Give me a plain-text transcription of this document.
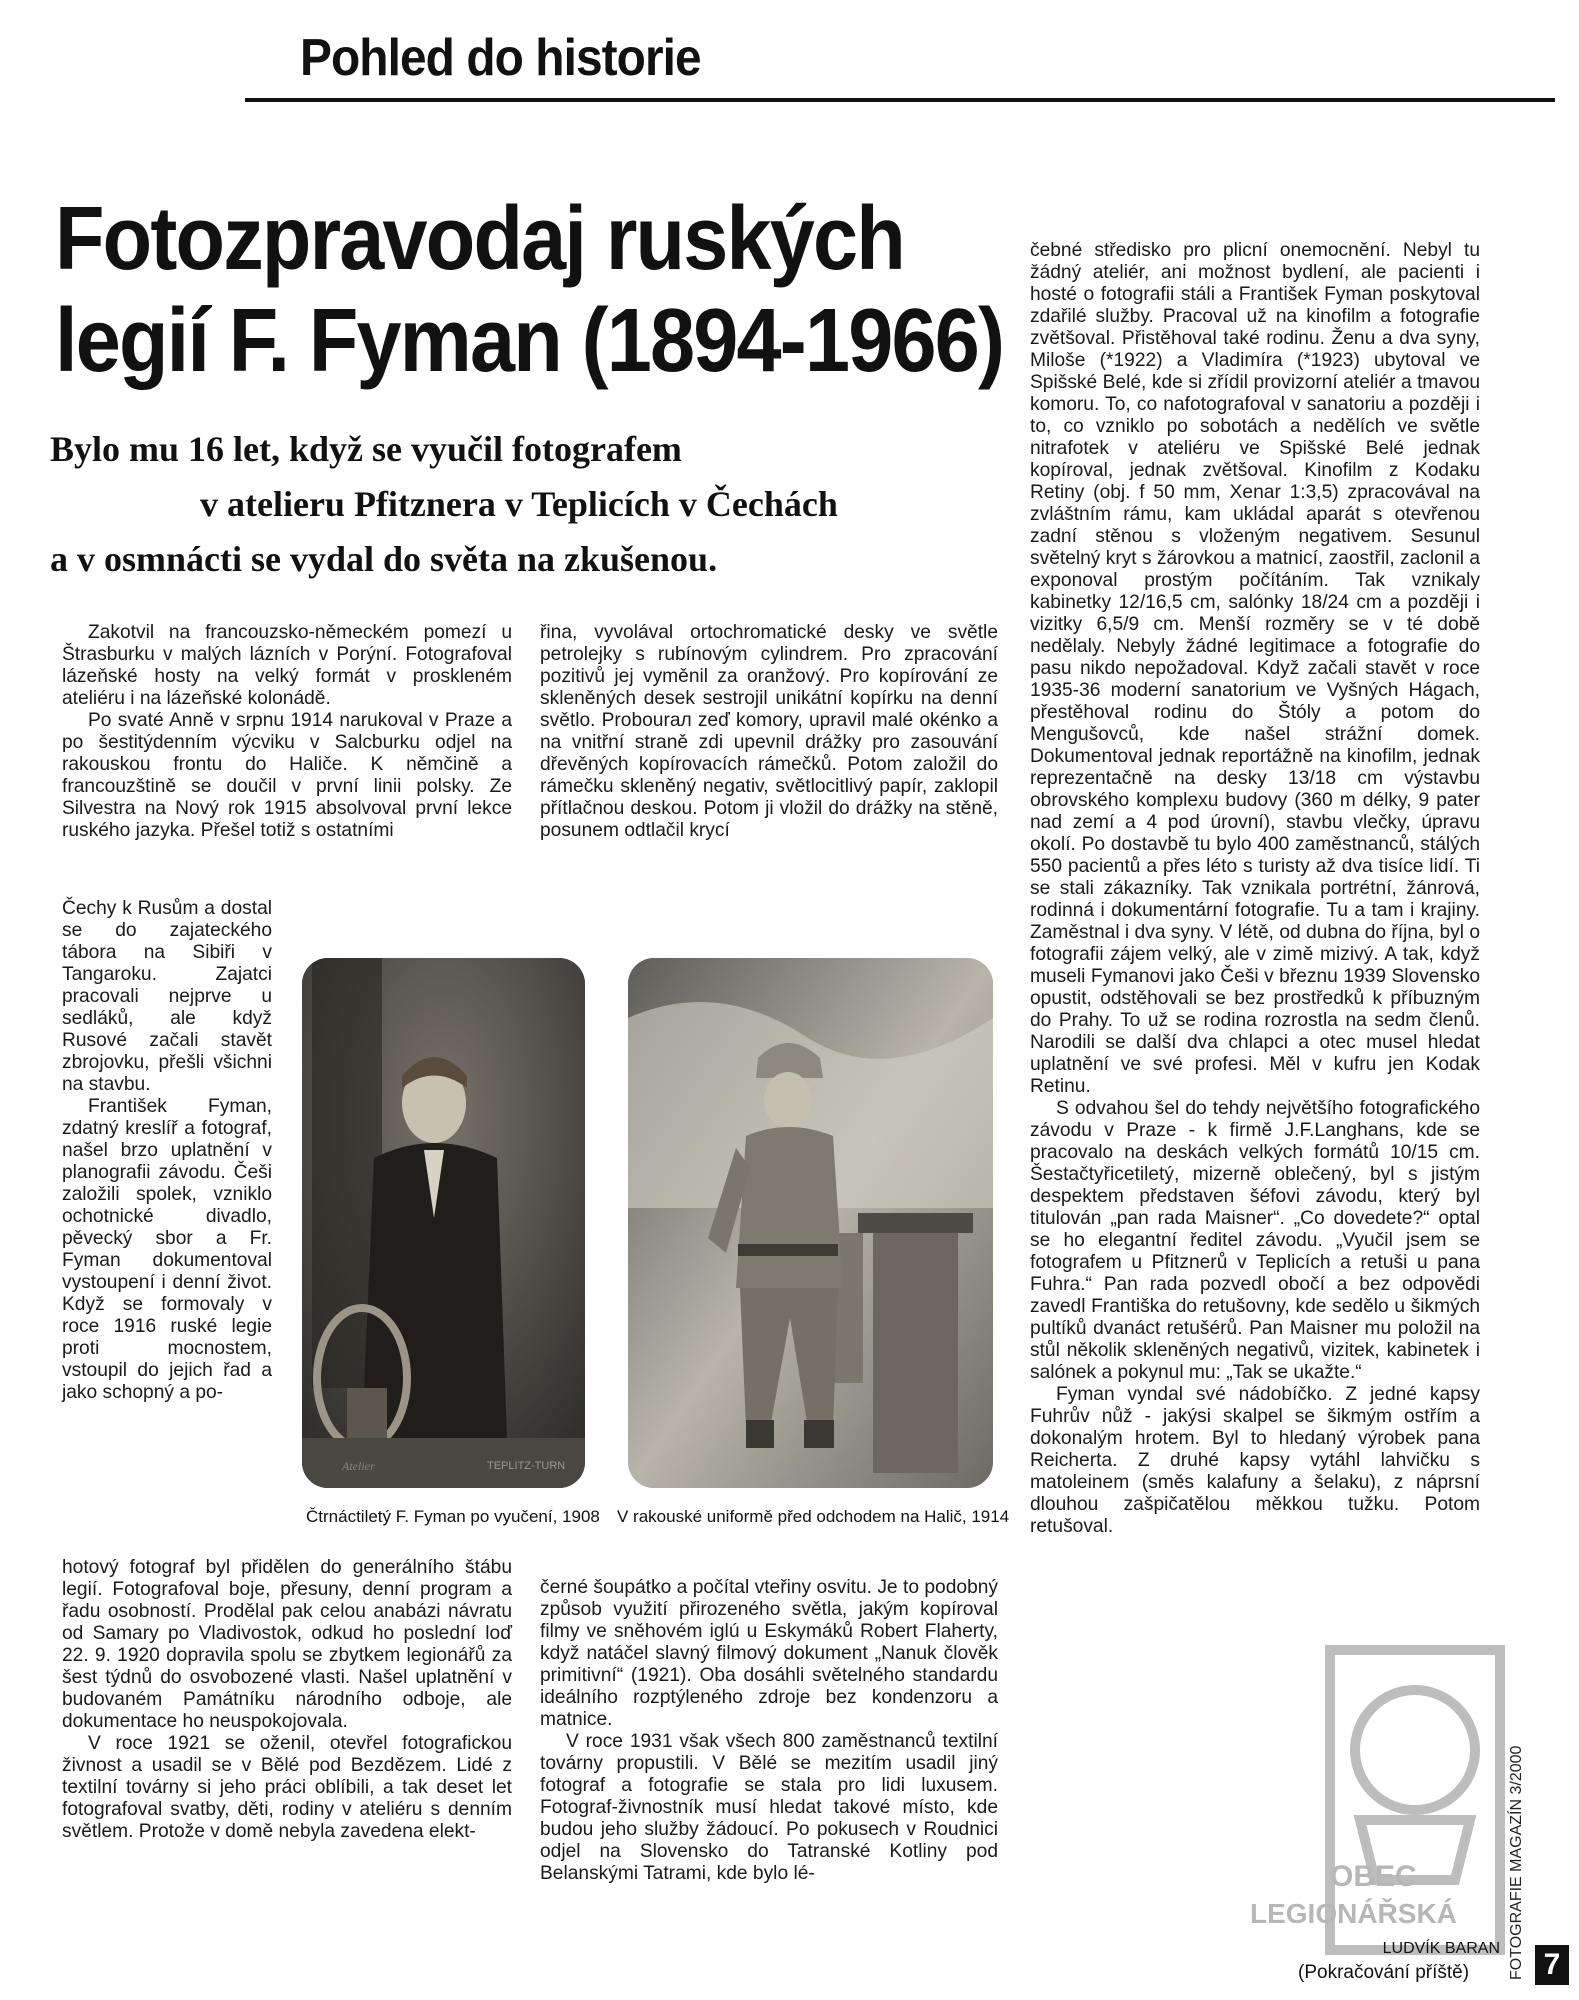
Pohled do historie
Fotozpravodaj ruských
legií F. Fyman (1894-1966)
Bylo mu 16 let, když se vyučil fotografem
v atelieru Pfitznera v Teplicích v Čechách
a v osmnácti se vydal do světa na zkušenou.

Zakotvil na francouzsko-německém pomezí u Štrasburku v malých lázních v Porýní. Fotografoval lázeňské hosty na velký formát v proskleném ateliéru i na lázeňské kolonádě.

Po svaté Anně v srpnu 1914 narukoval v Praze a po šestitýdenním výcviku v Salcburku odjel na rakouskou frontu do Haliče. K němčině a francouzštině se doučil v první linii polsky. Ze Silvestra na Nový rok 1915 absolvoval první lekce ruského jazyka. Přešel totiž s ostatními

Čechy k Rusům a dostal se do zajateckého tábora na Sibiři v Tangaroku. Zajatci pracovali nejprve u sedláků, ale když Rusové začali stavět zbrojovku, přešli všichni na stavbu.

František Fyman, zdatný kreslíř a fotograf, našel brzo uplatnění v planografii závodu. Češi založili spolek, vzniklo ochotnické divadlo, pěvecký sbor a Fr. Fyman dokumentoval vystoupení i denní život. Když se formovaly v roce 1916 ruské legie proti mocnostem, vstoupil do jejich řad a jako schopný a po-

hotový fotograf byl přidělen do generálního štábu legií. Fotografoval boje, přesuny, denní program a řadu osobností. Prodělal pak celou anabázi návratu od Samary po Vladivostok, odkud ho poslední loď 22. 9. 1920 dopravila spolu se zbytkem legionářů za šest týdnů do osvobozené vlasti. Našel uplatnění v budovaném Památníku národního odboje, ale dokumentace ho neuspokojovala.

V roce 1921 se oženil, otevřel fotografickou živnost a usadil se v Bělé pod Bezdězem. Lidé z textilní továrny si jeho práci oblíbili, a tak deset let fotografoval svatby, děti, rodiny v ateliéru s denním světlem. Protože v domě nebyla zavedena elekt-

řina, vyvolával ortochromatické desky ve světle petrolejky s rubínovým cylindrem. Pro zpracování pozitivů jej vyměnil za oranžový. Pro kopírování ze skleněných desek sestrojil unikátní kopírku na denní světlo. Probourал zeď komory, upravil malé okénko a na vnitřní straně zdi upevnil drážky pro zasouvání dřevěných kopírovacích rámečků. Potom založil do rámečku skleněný negativ, světlocitlivý papír, zaklopil přítlačnou deskou. Potom ji vložil do drážky na stěně, posunem odtlačil krycí

černé šoupátko a počítal vteřiny osvitu. Je to podobný způsob využití přirozeného světla, jakým kopíroval filmy ve sněhovém iglú u Eskymáků Robert Flaherty, když natáčel slavný filmový dokument „Nanuk člověk primitivní“ (1921). Oba dosáhli světelného standardu ideálního rozptýleného zdroje bez kondenzoru a matnice.

V roce 1931 však všech 800 zaměstnanců textilní továrny propustili. V Bělé se mezitím usadil jiný fotograf a fotografie se stala pro lidi luxusem. Fotograf-živnostník musí hledat takové místo, kde budou jeho služby žádoucí. Po pokusech v Roudnici odjel na Slovensko do Tatranské Kotliny pod Belanskými Tatrami, kde bylo lé-

čebné středisko pro plicní onemocnění. Nebyl tu žádný ateliér, ani možnost bydlení, ale pacienti i hosté o fotografii stáli a František Fyman poskytoval zdařilé služby. Pracoval už na kinofilm a fotografie zvětšoval. Přistěhoval také rodinu. Ženu a dva syny, Miloše (*1922) a Vladimíra (*1923) ubytoval ve Spišské Belé, kde si zřídil provizorní ateliér a tmavou komoru. To, co nafotografoval v sanatoriu a později i to, co vzniklo po sobotách a nedělích ve světle nitrafotek v ateliéru ve Spišské Belé jednak kopíroval, jednak zvětšoval. Kinofilm z Kodaku Retiny (obj. f 50 mm, Xenar 1:3,5) zpracovával na zvláštním rámu, kam ukládal aparát s otevřenou zadní stěnou s vloženým negativem. Sesunul světelný kryt s žárovkou a matnicí, zaostřil, zaclonil a exponoval prostým počítáním. Tak vznikaly kabinetky 12/16,5 cm, salónky 18/24 cm a později i vizitky 6,5/9 cm. Menší rozměry se v té době nedělaly. Nebyly žádné legitimace a fotografie do pasu nikdo nepožadoval. Když začali stavět v roce 1935-36 moderní sanatorium ve Vyšných Hágach, přestěhoval rodinu do Štóly a potom do Mengušovců, kde našel strážní domek. Dokumentoval jednak reportážně na kinofilm, jednak reprezentačně na desky 13/18 cm výstavbu obrovského komplexu budovy (360 m délky, 9 pater nad zemí a 4 pod úrovní), stavbu vlečky, úpravu okolí. Po dostavbě tu bylo 400 zaměstnanců, stálých 550 pacientů a přes léto s turisty až dva tisíce lidí. Ti se stali zákazníky. Tak vznikala portrétní, žánrová, rodinná i dokumentární fotografie. Tu a tam i krajiny. Zaměstnal i dva syny. V létě, od dubna do října, byl o fotografii zájem velký, ale v zimě mizivý. A tak, když museli Fymanovi jako Češi v březnu 1939 Slovensko opustit, odstěhovali se bez prostředků k příbuzným do Prahy. To už se rodina rozrostla na sedm členů. Narodili se další dva chlapci a otec musel hledat uplatnění ve své profesi. Měl v kufru jen Kodak Retinu.

S odvahou šel do tehdy největšího fotografického závodu v Praze - k firmě J.F.Langhans, kde se pracovalo na deskách velkých formátů 10/15 cm. Šestačtyřicetiletý, mizerně oblečený, byl s jistým despektem představen šéfovi závodu, který byl titulován „pan rada Maisner“. „Co dovedete?“ optal se ho elegantní ředitel závodu. „Vyučil jsem se fotografem u Pfitznerů v Teplicích a retuši u pana Fuhra.“ Pan rada pozvedl obočí a bez odpovědi zavedl Františka do retušovny, kde sedělo u šikmých pultíků dvanáct retušérů. Pan Maisner mu položil na stůl několik skleněných negativů, vizitek, kabinetek i salónek a pokynul mu: „Tak se ukažte.“

Fyman vyndal své nádobíčko. Z jedné kapsy Fuhrův nůž - jakýsi skalpel se šikmým ostřím a dokonalým hrotem. Byl to hledaný výrobek pana Reicherta. Z druhé kapsy vytáhl lahvičku s matoleinem (směs kalafuny a šelaku), z náprsní dlouhou zašpičatělou měkkou tužku. Potom retušoval.

Atelier	TEPLITZ-TURN
Čtrnáctiletý F. Fyman po vyučení, 1908 V rakouské uniformě před odchodem na Halič, 1914
OBEC
LEGIONÁŘSKÁ
LUDVÍK BARAN
(Pokračování příště) FOTOGRAFIE MAGAZÍN 3/2000 7
